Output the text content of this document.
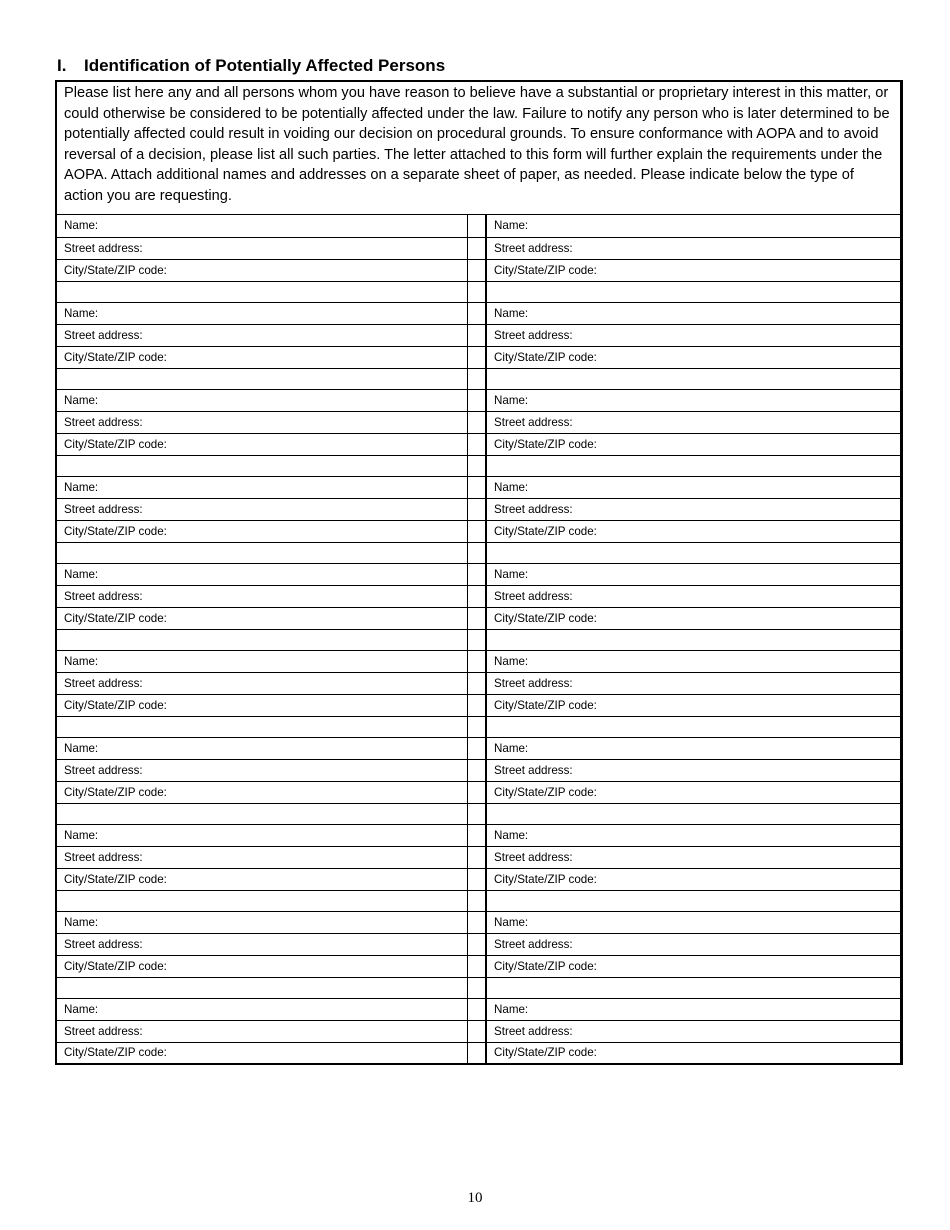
I. Identification of Potentially Affected Persons
Please list here any and all persons whom you have reason to believe have a substantial or proprietary interest in this matter, or could otherwise be considered to be potentially affected under the law. Failure to notify any person who is later determined to be potentially affected could result in voiding our decision on procedural grounds. To ensure conformance with AOPA and to avoid reversal of a decision, please list all such parties. The letter attached to this form will further explain the requirements under the AOPA. Attach additional names and addresses on a separate sheet of paper, as needed. Please indicate below the type of action you are requesting.
Name:		Name:
Street address:		Street address:
City/State/ZIP code:		City/State/ZIP code:

Name:		Name:
Street address:		Street address:
City/State/ZIP code:		City/State/ZIP code:

Name:		Name:
Street address:		Street address:
City/State/ZIP code:		City/State/ZIP code:

Name:		Name:
Street address:		Street address:
City/State/ZIP code:		City/State/ZIP code:

Name:		Name:
Street address:		Street address:
City/State/ZIP code:		City/State/ZIP code:

Name:		Name:
Street address:		Street address:
City/State/ZIP code:		City/State/ZIP code:

Name:		Name:
Street address:		Street address:
City/State/ZIP code:		City/State/ZIP code:

Name:		Name:
Street address:		Street address:
City/State/ZIP code:		City/State/ZIP code:

Name:		Name:
Street address:		Street address:
City/State/ZIP code:		City/State/ZIP code:

Name:		Name:
Street address:		Street address:
City/State/ZIP code:		City/State/ZIP code:
10
